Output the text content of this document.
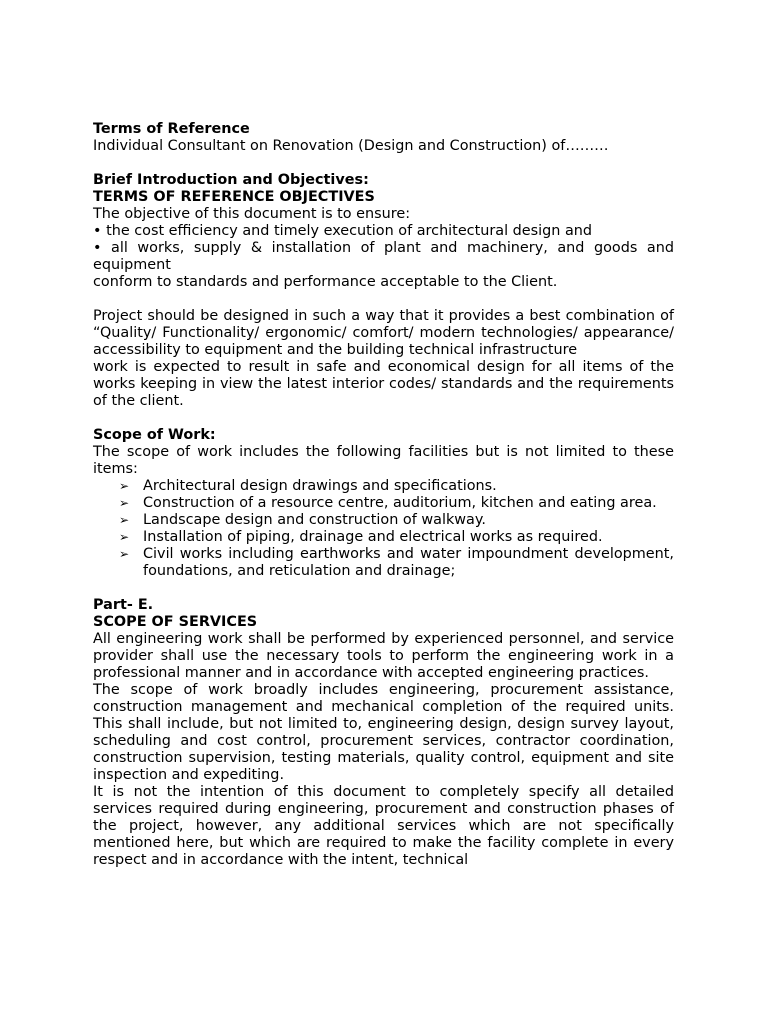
Terms of Reference

Individual Consultant on Renovation (Design and Construction) of………

Brief Introduction and Objectives:

TERMS OF REFERENCE OBJECTIVES

The objective of this document is to ensure:

• the cost efficiency and timely execution of architectural design and

• all works, supply & installation of plant and machinery, and goods and equipment

conform to standards and performance acceptable to the Client.

Project should be designed in such a way that it provides a best combination of “Quality/ Functionality/ ergonomic/ comfort/ modern technologies/ appearance/ accessibility to equipment and the building technical infrastructure

work is expected to result in safe and economical design for all items of the works keeping in view the latest interior codes/ standards and the requirements of the client.

Scope of Work:

The scope of work includes the following facilities but is not limited to these items:

➢ Architectural design drawings and specifications.
➢ Construction of a resource centre, auditorium, kitchen and eating area.
➢ Landscape design and construction of walkway.
➢ Installation of piping, drainage and electrical works as required.
➢ Civil works including earthworks and water impoundment development, foundations, and reticulation and drainage;

Part- E.

SCOPE OF SERVICES

All engineering work shall be performed by experienced personnel, and service provider shall use the necessary tools to perform the engineering work in a professional manner and in accordance with accepted engineering practices.

The scope of work broadly includes engineering, procurement assistance, construction management and mechanical completion of the required units. This shall include, but not limited to, engineering design, design survey layout, scheduling and cost control, procurement services, contractor coordination, construction supervision, testing materials, quality control, equipment and site inspection and expediting.

It is not the intention of this document to completely specify all detailed services required during engineering, procurement and construction phases of the project, however, any additional services which are not specifically mentioned here, but which are required to make the facility complete in every respect and in accordance with the intent, technical
